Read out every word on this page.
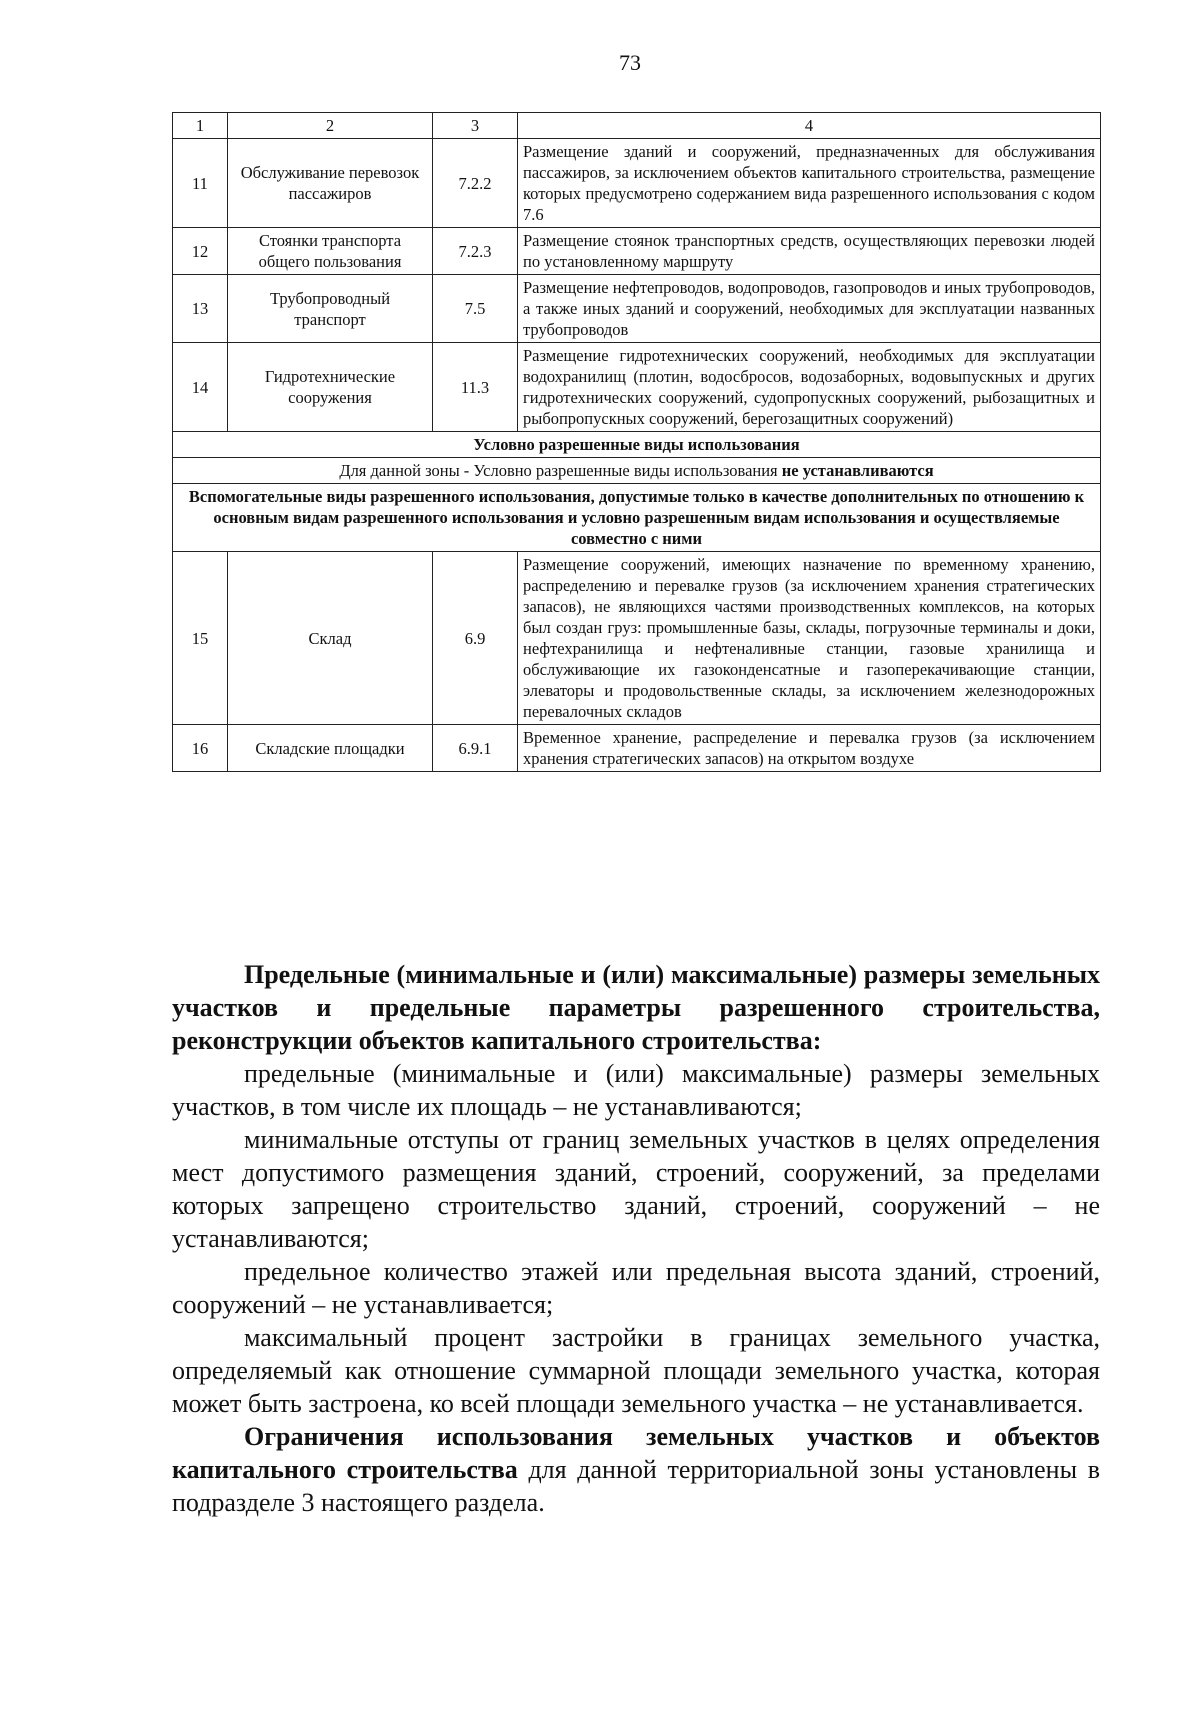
73
1	2	3	4
11	Обслуживание перевозок пассажиров	7.2.2	Размещение зданий и сооружений, предназначенных для обслуживания пассажиров, за исключением объектов капитального строительства, размещение которых предусмотрено содержанием вида разрешенного использования с кодом 7.6
12	Стоянки транспорта общего пользования	7.2.3	Размещение стоянок транспортных средств, осуществляющих перевозки людей по установленному маршруту
13	Трубопроводный транспорт	7.5	Размещение нефтепроводов, водопроводов, газопроводов и иных трубопроводов, а также иных зданий и сооружений, необходимых для эксплуатации названных трубопроводов
14	Гидротехнические сооружения	11.3	Размещение гидротехнических сооружений, необходимых для эксплуатации водохранилищ (плотин, водосбросов, водозаборных, водовыпускных и других гидротехнических сооружений, судопропускных сооружений, рыбозащитных и рыбопропускных сооружений, берегозащитных сооружений)
Условно разрешенные виды использования			
Для данной зоны - Условно разрешенные виды использования не устанавливаются			
Вспомогательные виды разрешенного использования, допустимые только в качестве дополнительных по отношению к основным видам разрешенного использования и условно разрешенным видам использования и осуществляемые совместно с ними			
15	Склад	6.9	Размещение сооружений, имеющих назначение по временному хранению, распределению и перевалке грузов (за исключением хранения стратегических запасов), не являющихся частями производственных комплексов, на которых был создан груз: промышленные базы, склады, погрузочные терминалы и доки, нефтехранилища и нефтеналивные станции, газовые хранилища и обслуживающие их газоконденсатные и газоперекачивающие станции, элеваторы и продовольственные склады, за исключением железнодорожных перевалочных складов
16	Складские площадки	6.9.1	Временное хранение, распределение и перевалка грузов (за исключением хранения стратегических запасов) на открытом воздухе

Предельные (минимальные и (или) максимальные) размеры земельных участков и предельные параметры разрешенного строительства, реконструкции объектов капитального строительства:

предельные (минимальные и (или) максимальные) размеры земельных участков, в том числе их площадь – не устанавливаются;

минимальные отступы от границ земельных участков в целях определения мест допустимого размещения зданий, строений, сооружений, за пределами которых запрещено строительство зданий, строений, сооружений – не устанавливаются;

предельное количество этажей или предельная высота зданий, строений, сооружений – не устанавливается;

максимальный процент застройки в границах земельного участка, определяемый как отношение суммарной площади земельного участка, которая может быть застроена, ко всей площади земельного участка – не устанавливается.

Ограничения использования земельных участков и объектов капитального строительства для данной территориальной зоны установлены в подразделе 3 настоящего раздела.
